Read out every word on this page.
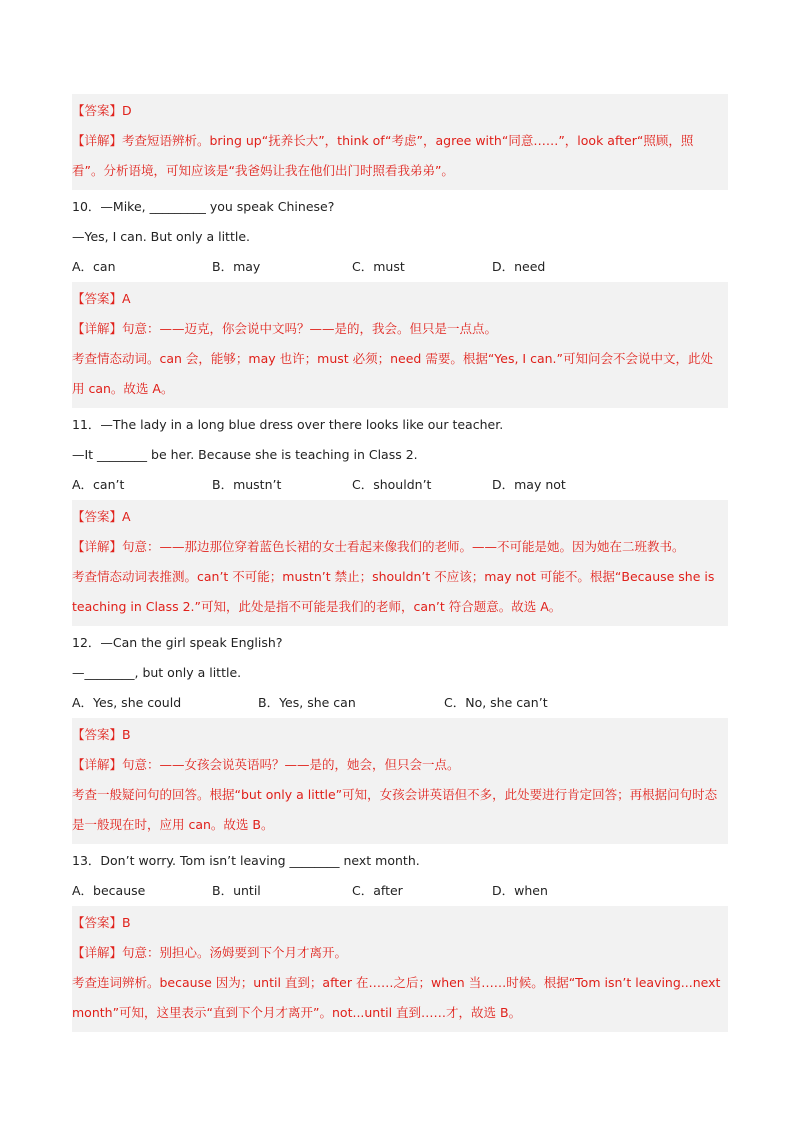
【答案】D
【详解】考查短语辨析。bring up“抚养长大”，think of“考虑”，agree with“同意……”，look after“照顾，照看”。分析语境，可知应该是“我爸妈让我在他们出门时照看我弟弟”。
10．—Mike, _________ you speak Chinese?
—Yes, I can. But only a little.
A．can	B．may	C．must	D．need
【答案】A
【详解】句意：——迈克，你会说中文吗？——是的，我会。但只是一点点。
考查情态动词。can 会，能够；may 也许；must 必须；need 需要。根据“Yes, I can.”可知问会不会说中文，此处用 can。故选 A。
11．—The lady in a long blue dress over there looks like our teacher.
—It ________ be her. Because she is teaching in Class 2.
A．can’t	B．mustn’t	C．shouldn’t	D．may not
【答案】A
【详解】句意：——那边那位穿着蓝色长裙的女士看起来像我们的老师。——不可能是她。因为她在二班教书。
考查情态动词表推测。can’t 不可能；mustn’t 禁止；shouldn’t 不应该；may not 可能不。根据“Because she is teaching in Class 2.”可知，此处是指不可能是我们的老师，can’t 符合题意。故选 A。
12．—Can the girl speak English?
—________, but only a little.
A．Yes, she could	B．Yes, she can	C．No, she can’t
【答案】B
【详解】句意：——女孩会说英语吗？——是的，她会，但只会一点。
考查一般疑问句的回答。根据“but only a little”可知，女孩会讲英语但不多，此处要进行肯定回答；再根据问句时态是一般现在时，应用 can。故选 B。
13．Don’t worry. Tom isn’t leaving ________ next month.
A．because	B．until	C．after	D．when
【答案】B
【详解】句意：别担心。汤姆要到下个月才离开。
考查连词辨析。because 因为；until 直到；after 在……之后；when 当……时候。根据“Tom isn’t leaving...next month”可知，这里表示“直到下个月才离开”。not...until 直到……才，故选 B。
